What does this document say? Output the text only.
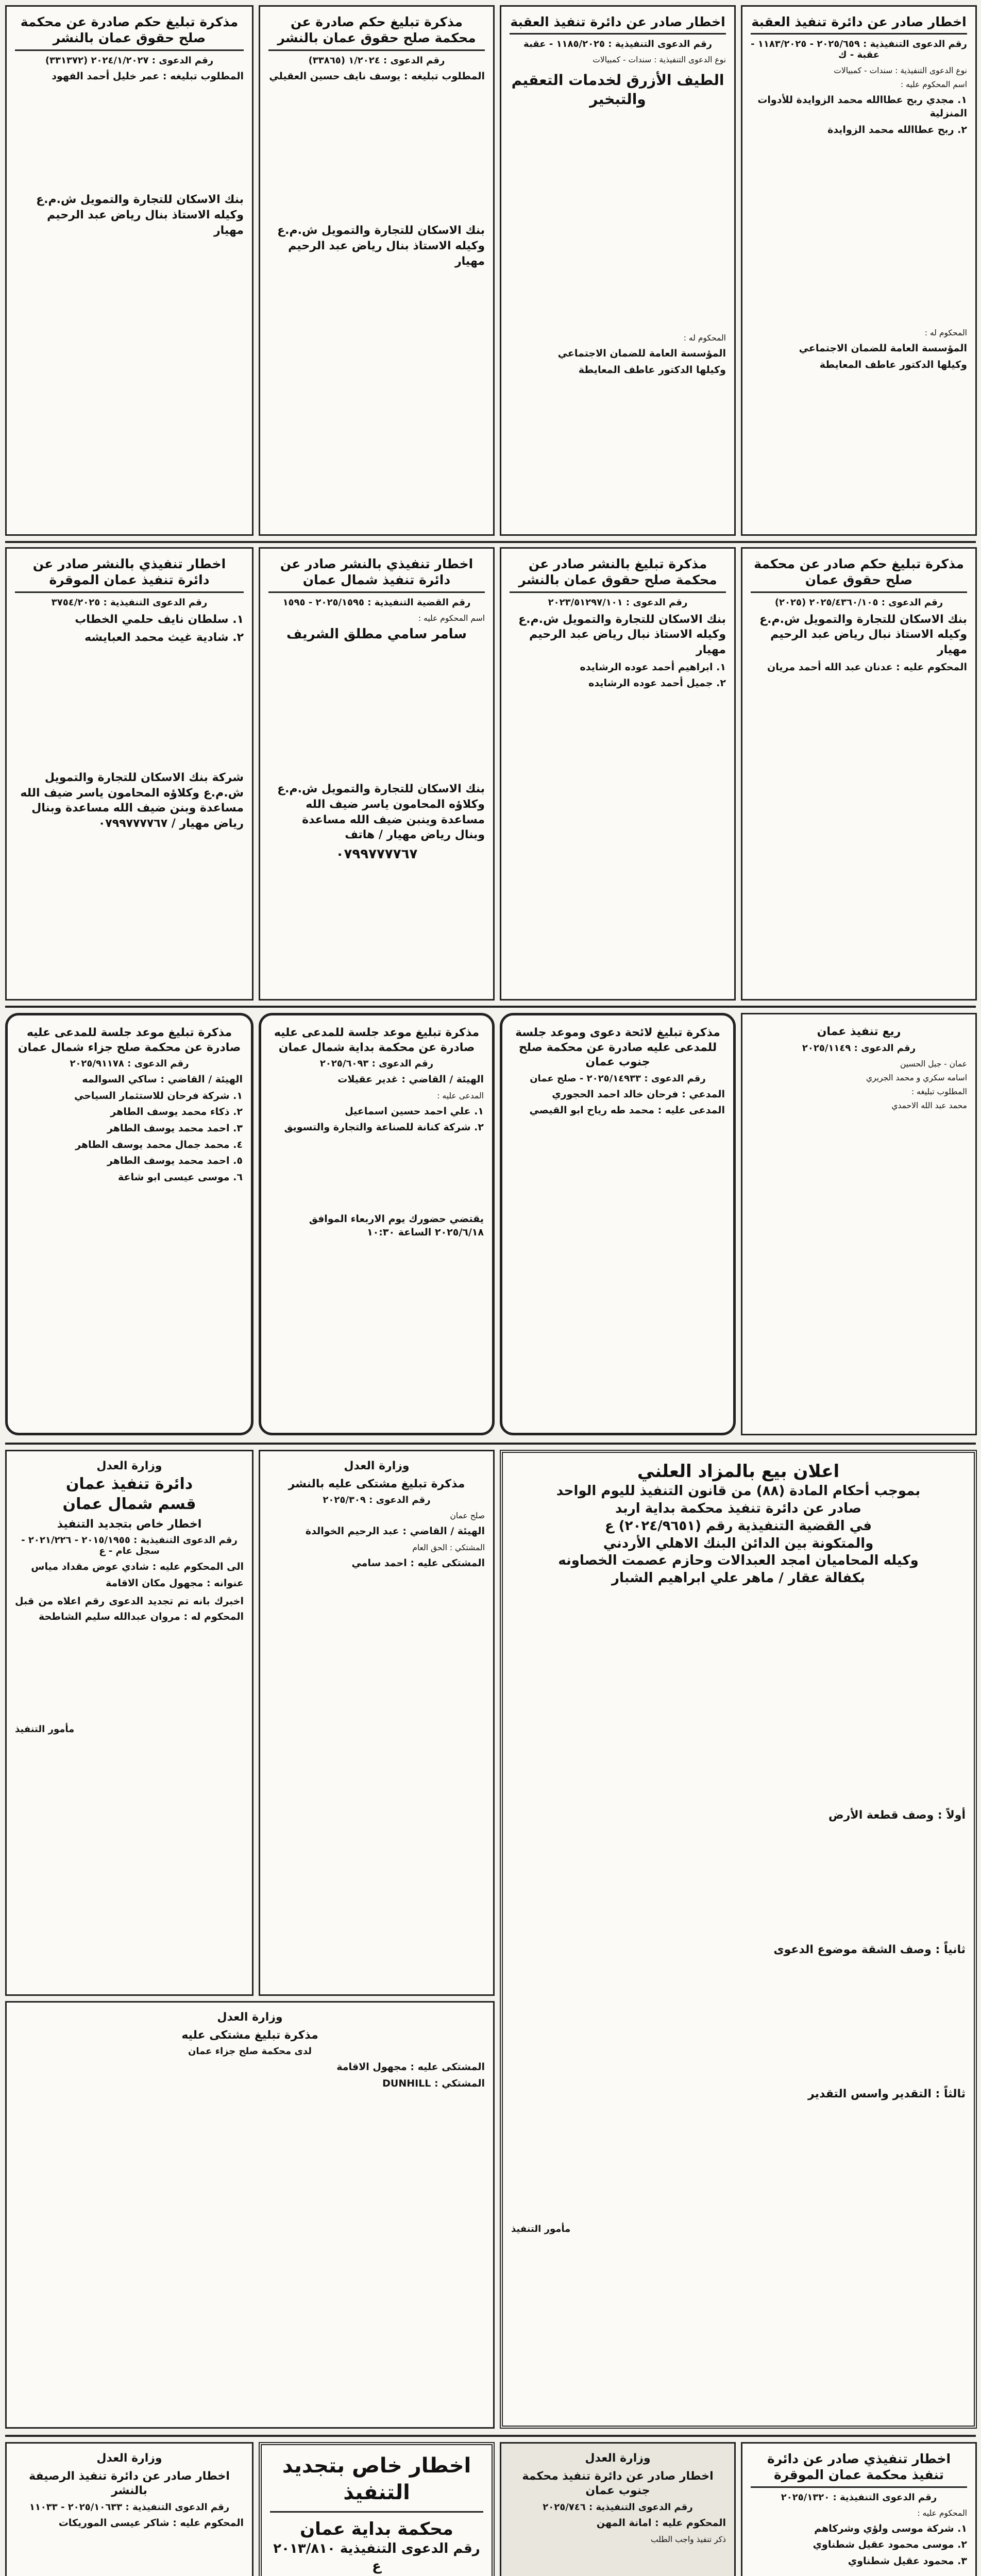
اخطار صادر عن دائرة تنفيذ العقبة
رقم الدعوى التنفيذية : ٢٠٢٥/٦٥٩ - ١١٨٣/٢٠٢٥ - عقبة - ك

نوع الدعوى التنفيذية : سندات - كمبيالات

اسم المحكوم عليه :

١. مجدي ربح عطاالله محمد الزوايدة للأدوات المنزلية
٢. ربح عطاالله محمد الزوايدة

المحكوم له :

المؤسسة العامة للضمان الاجتماعي
وكيلها الدكتور عاطف المعايطة
اخطار صادر عن دائرة تنفيذ العقبة
رقم الدعوى التنفيذية : ١١٨٥/٢٠٢٥ - عقبة

نوع الدعوى التنفيذية : سندات - كمبيالات

الطيف الأزرق لخدمات التعقيم والتبخير

المحكوم له :

المؤسسة العامة للضمان الاجتماعي
وكيلها الدكتور عاطف المعايطة
مذكرة تبليغ حكم صادرة عن محكمة صلح حقوق عمان بالنشر
رقم الدعوى : ١/٢٠٢٤ (٣٣٨٦٥)
المطلوب تبليغه : يوسف نايف حسين العقيلي

بنك الاسكان للتجارة والتمويل ش.م.ع وكيله الاستاذ بنال رياض عبد الرحيم مهيار

مذكرة تبليغ حكم صادرة عن محكمة صلح حقوق عمان بالنشر
رقم الدعوى : ٢٠٢٤/١/٢٠٢٧ (٣٣١٣٧٢)
المطلوب تبليغه : عمر خليل أحمد الفهود

بنك الاسكان للتجارة والتمويل ش.م.ع وكيله الاستاذ بنال رياض عبد الرحيم مهيار

مذكرة تبليغ حكم صادر عن محكمة صلح حقوق عمان
رقم الدعوى : ٢٠٢٥/٤٣٦٠/١٠٥ (٢٠٢٥)
بنك الاسكان للتجارة والتمويل ش.م.ع وكيله الاستاذ نبال رياض عبد الرحيم مهيار
المحكوم عليه : عدنان عبد الله أحمد مريان

مذكرة تبليغ بالنشر صادر عن محكمة صلح حقوق عمان بالنشر
رقم الدعوى : ٢٠٢٣/٥١٢٩٧/١٠١
بنك الاسكان للتجارة والتمويل ش.م.ع وكيله الاستاذ نبال رياض عبد الرحيم مهيار
١. ابراهيم أحمد عوده الرشايده
٢. جميل أحمد عوده الرشايده

اخطار تنفيذي بالنشر صادر عن دائرة تنفيذ شمال عمان
رقم القضية التنفيذية : ٢٠٢٥/١٥٩٥ - ١٥٩٥

اسم المحكوم عليه :

سامر سامي مطلق الشريف

بنك الاسكان للتجارة والتمويل ش.م.ع وكلاؤه المحامون ياسر ضيف الله مساعدة وينبن ضيف الله مساعدة وبنال رياض مهيار / هاتف
٠٧٩٩٧٧٧٧٦٧
اخطار تنفيذي بالنشر صادر عن دائرة تنفيذ عمان الموقرة
رقم الدعوى التنفيذية : ٣٧٥٤/٢٠٢٥
١. سلطان نايف حلمي الخطاب
٢. شادية غيث محمد العبايشه

شركة بنك الاسكان للتجارة والتمويل ش.م.ع وكلاؤه المحامون ياسر ضيف الله مساعدة وبنن ضيف الله مساعدة وبنال رياض مهيار / ٠٧٩٩٧٧٧٧٦٧
ريع تنفيذ عمان
رقم الدعوى : ٢٠٢٥/١١٤٩

عمان - جبل الحسين

اسامه سكري و محمد الجريري

المطلوب تبليغه :

محمد عبد الله الاحمدي

مذكرة تبليغ لائحة دعوى وموعد جلسة للمدعى عليه صادرة عن محكمة صلح جنوب عمان
رقم الدعوى : ٢٠٢٥/١٤٩٣٣ - صلح عمان
المدعي : فرحان خالد احمد الحجوري
المدعى عليه : محمد طه رياح ابو القيصي

مذكرة تبليغ موعد جلسة للمدعى عليه صادرة عن محكمة بداية شمال عمان
رقم الدعوى : ٢٠٢٥/٦٠٩٣
الهيئة / القاضي : غدير عقيلات

المدعى عليه :

١. علي احمد حسين اسماعيل
٢. شركة كنانة للصناعة والتجارة والتسويق

يقتضي حضورك يوم الاربعاء الموافق ٢٠٢٥/٦/١٨ الساعة ١٠:٣٠
مذكرة تبليغ موعد جلسة للمدعى عليه صادرة عن محكمة صلح جزاء شمال عمان
رقم الدعوى : ٢٠٢٥/٩١١٧٨
الهيئة / القاضي : ساكي السوالمه
١. شركة فرحان للاستثمار السياحي
٢. ذكاء محمد يوسف الطاهر
٣. احمد محمد يوسف الطاهر
٤. محمد جمال محمد يوسف الطاهر
٥. احمد محمد يوسف الطاهر
٦. موسى عيسى ابو شاعة
اعلان بيع بالمزاد العلني
بموجب أحكام المادة (٨٨) من قانون التنفيذ لليوم الواحد
صادر عن دائرة تنفيذ محكمة بداية اربد
في القضية التنفيذية رقم (٢٠٢٤/٩٦٥١) ع
والمتكونة بين الدائن البنك الاهلي الأردني
وكيله المحاميان امجد العبدالات وحازم عصمت الخصاونه
بكفالة عقار / ماهر علي ابراهيم الشبار

أولاً : وصف قطعة الأرض

ثانياً : وصف الشقة موضوع الدعوى

ثالثاً : التقدير واسس التقدير

مأمور التنفيذ
وزارة العدل
مذكرة تبليغ مشتكى عليه بالنشر
رقم الدعوى : ٢٠٢٥/٣٠٩

صلح عمان

الهيئة / القاضي : عبد الرحيم الخوالدة

المشتكي : الحق العام

المشتكى عليه : احمد سامي

وزارة العدل
دائرة تنفيذ عمان
قسم شمال عمان
اخطار خاص بتجديد التنفيذ
رقم الدعوى التنفيذية : ٢٠١٥/١٩٥٥ - ٢٠٢١/٢٢٦ - سجل عام - ع
الى المحكوم عليه : شادي عوض مقداد مياس
عنوانه : مجهول مكان الاقامة

اخبرك بانه تم تجديد الدعوى رقم اعلاه من قبل المحكوم له : مروان عبدالله سليم الشاطحة

مأمور التنفيذ
وزارة العدل
مذكرة تبليغ مشتكى عليه
لدى محكمة صلح جزاء عمان
المشتكى عليه : مجهول الاقامة
المشتكي : DUNHILL

اخطار تنفيذي صادر عن دائرة تنفيذ محكمة عمان الموقرة
رقم الدعوى التنفيذية : ٢٠٢٥/١٣٢٠

المحكوم عليه :

١. شركة موسى ولؤي وشركاهم
٢. موسى محمود عقيل شطناوي
٣. محمود عقيل شطناوي

وزارة العدل
اخطار صادر عن دائرة تنفيذ محكمة جنوب عمان
رقم الدعوى التنفيذية : ٢٠٢٥/٧٤٦
المحكوم عليه : امانة المهن

ذكر تنفيذ واجب الطلب

اخطار خاص بتجديد التنفيذ
محكمة بداية عمان
رقم الدعوى التنفيذية ٢٠١٣/٨١٠ ع
وزارة العدل
اخطار صادر عن دائرة تنفيذ الرصيفة بالنشر
رقم الدعوى التنفيذية : ٢٠٢٥/١٠٦٣٣ - ١١٠٣٣
المحكوم عليه : شاكر عيسى الموريكات
